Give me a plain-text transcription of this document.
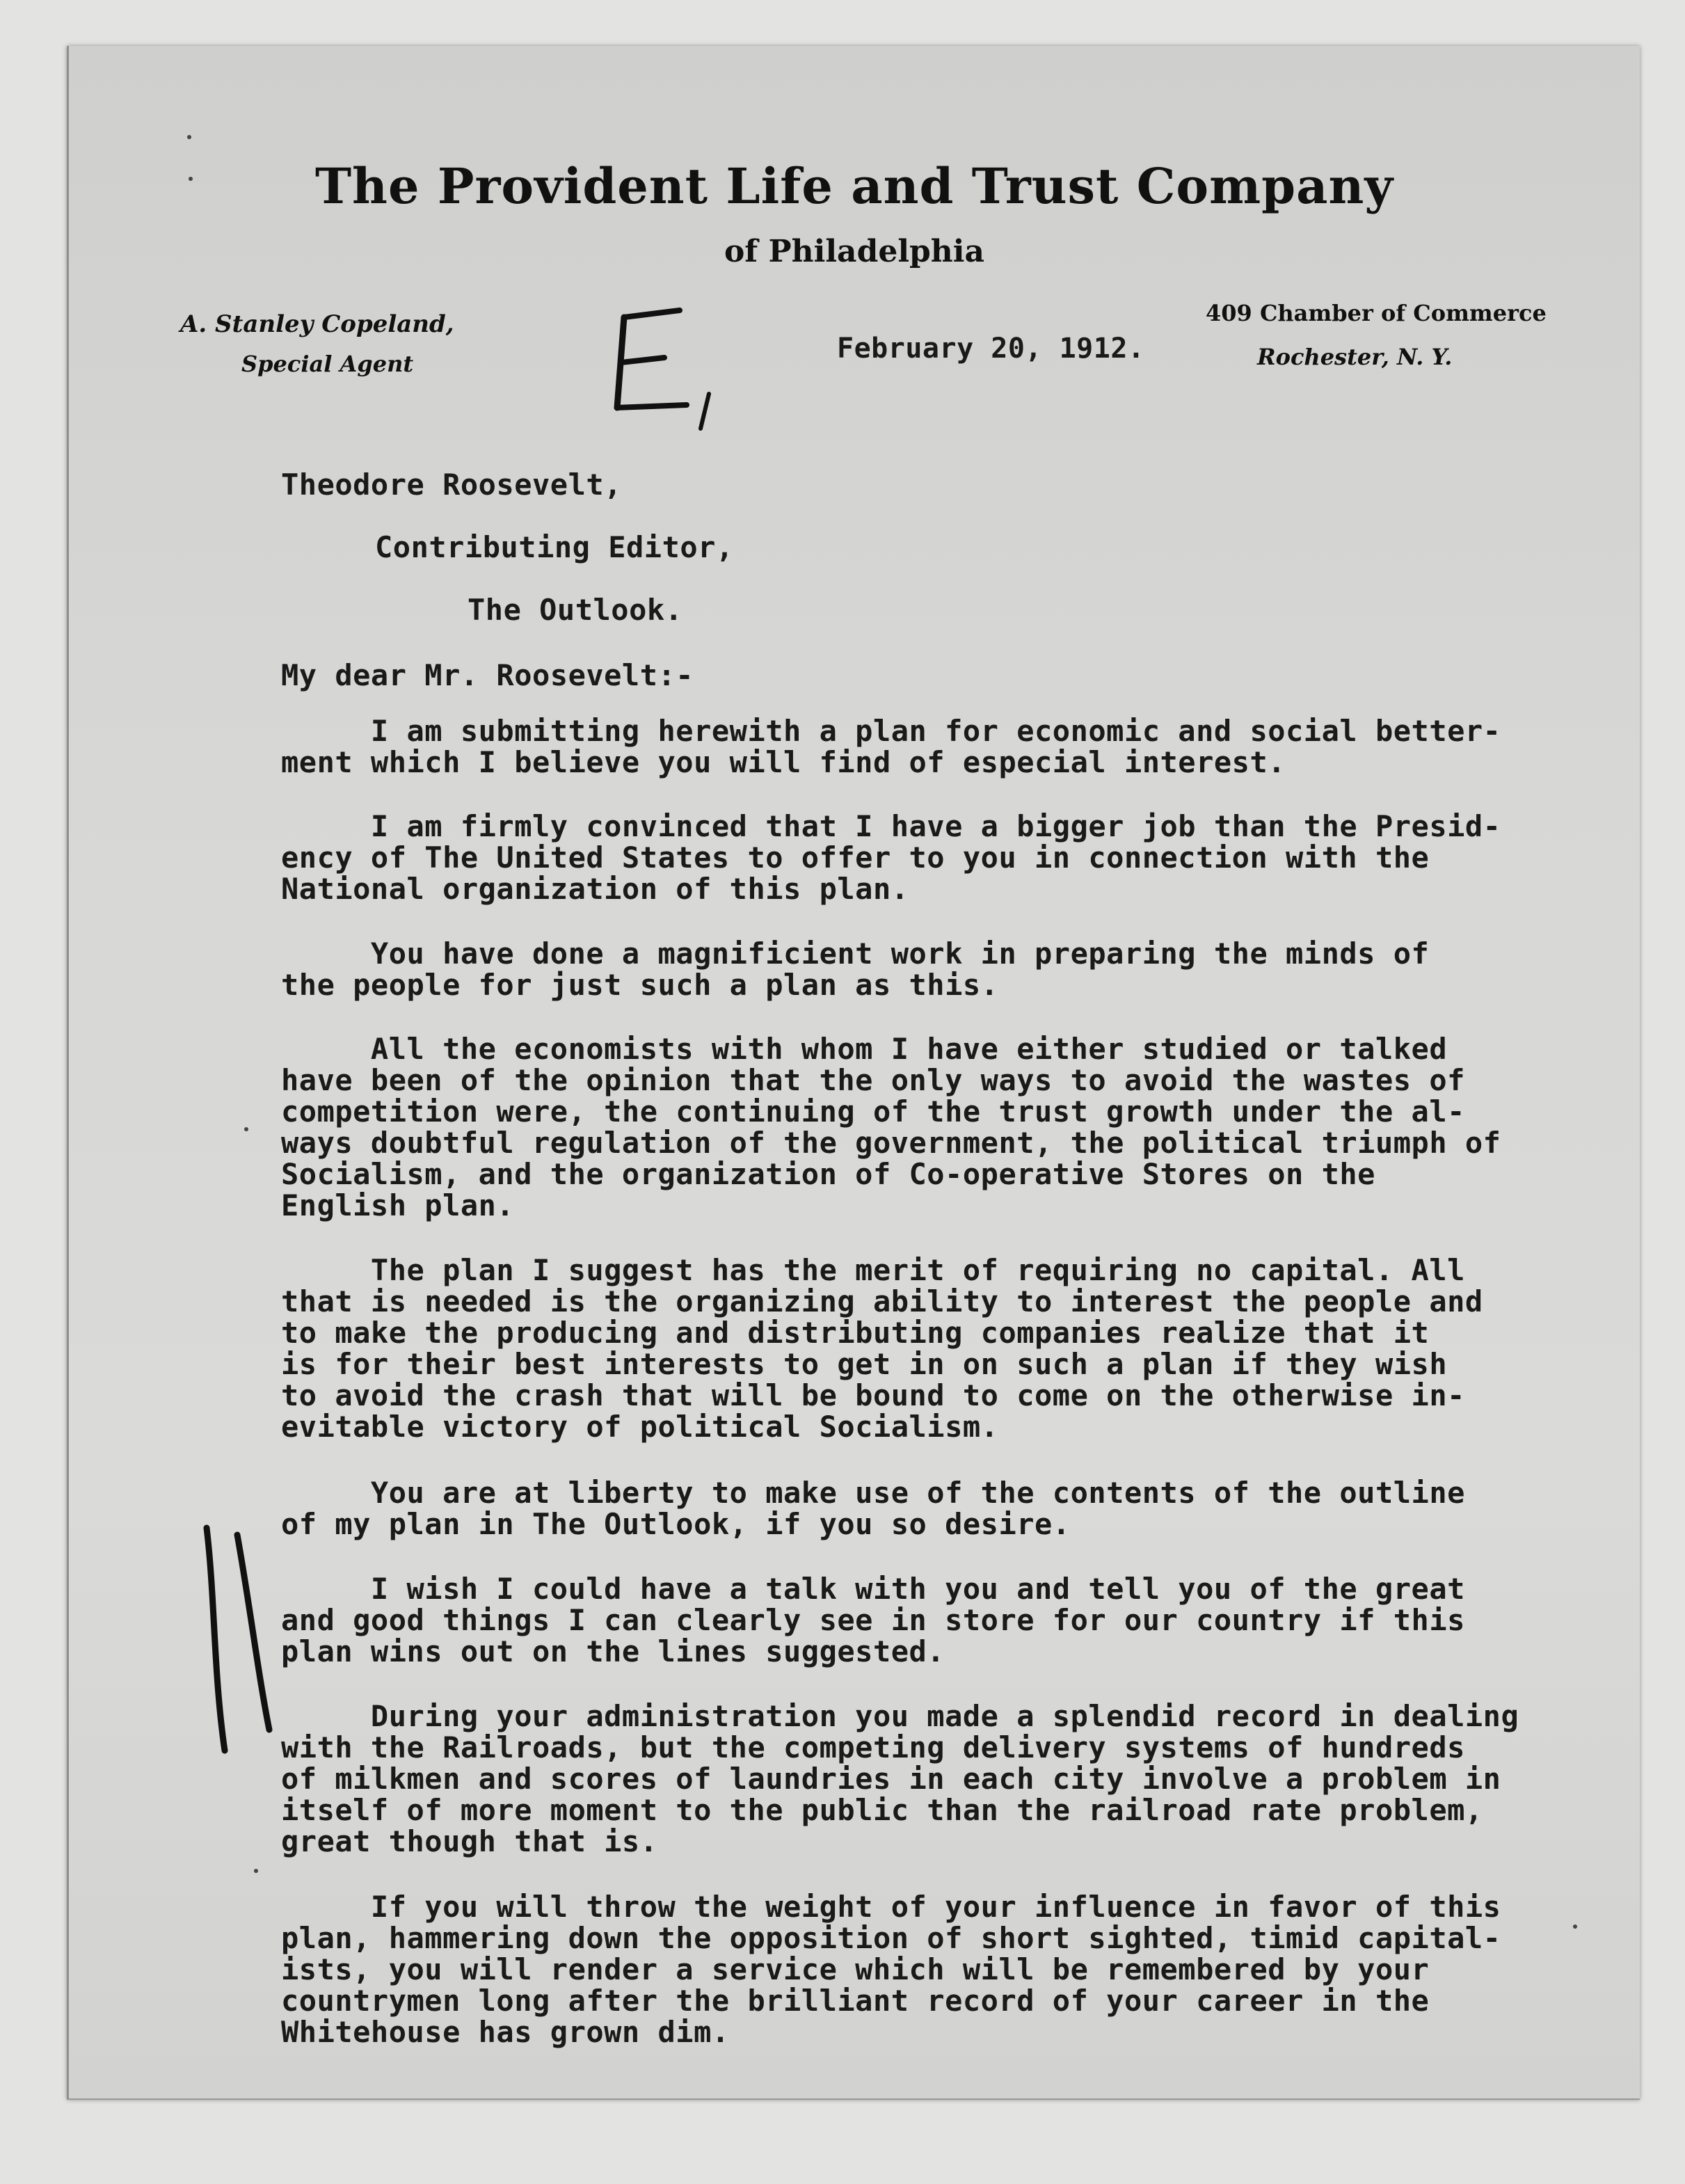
The Provident Life and Trust Company
of Philadelphia
A. Stanley Copeland,
Special Agent
409 Chamber of Commerce
Rochester, N. Y.
February 20, 1912.
Theodore Roosevelt,
Contributing Editor,
The Outlook.
My dear Mr. Roosevelt:-
I am submitting herewith a plan for economic and social better-
ment which I believe you will find of especial interest.
I am firmly convinced that I have a bigger job than the Presid-
ency of The United States to offer to you in connection with the
National organization of this plan.
You have done a magnificient work in preparing the minds of
the people for just such a plan as this.
All the economists with whom I have either studied or talked
have been of the opinion that the only ways to avoid the wastes of
competition were, the continuing of the trust growth under the al-
ways doubtful regulation of the government, the political triumph of
Socialism, and the organization of Co-operative Stores on the
English plan.
The plan I suggest has the merit of requiring no capital. All
that is needed is the organizing ability to interest the people and
to make the producing and distributing companies realize that it
is for their best interests to get in on such a plan if they wish
to avoid the crash that will be bound to come on the otherwise in-
evitable victory of political Socialism.
You are at liberty to make use of the contents of the outline
of my plan in The Outlook, if you so desire.
I wish I could have a talk with you and tell you of the great
and good things I can clearly see in store for our country if this
plan wins out on the lines suggested.
During your administration you made a splendid record in dealing
with the Railroads, but the competing delivery systems of hundreds
of milkmen and scores of laundries in each city involve a problem in
itself of more moment to the public than the railroad rate problem,
great though that is.
If you will throw the weight of your influence in favor of this
plan, hammering down the opposition of short sighted, timid capital-
ists, you will render a service which will be remembered by your
countrymen long after the brilliant record of your career in the
Whitehouse has grown dim.
